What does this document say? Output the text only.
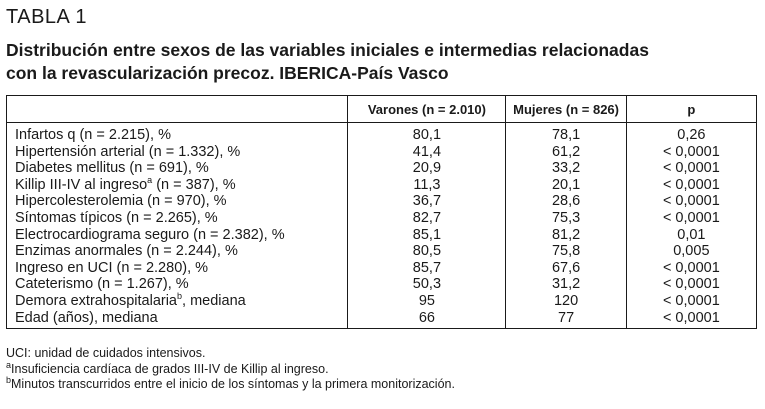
TABLA 1
Distribución entre sexos de las variables iniciales e intermedias relacionadas
con la revascularización precoz. IBERICA-País Vasco
	Varones (n = 2.010)	Mujeres (n = 826)	p
Infartos q (n = 2.215), %	80,1	78,1	0,26
Hipertensión arterial (n = 1.332), %	41,4	61,2	< 0,0001
Diabetes mellitus (n = 691), %	20,9	33,2	< 0,0001
Killip III-IV al ingreso$^a$ (n = 387), %	11,3	20,1	< 0,0001
Hipercolesterolemia (n = 970), %	36,7	28,6	< 0,0001
Síntomas típicos (n = 2.265), %	82,7	75,3	< 0,0001
Electrocardiograma seguro (n = 2.382), %	85,1	81,2	0,01
Enzimas anormales (n = 2.244), %	80,5	75,8	0,005
Ingreso en UCI (n = 2.280), %	85,7	67,6	< 0,0001
Cateterismo (n = 1.267), %	50,3	31,2	< 0,0001
Demora extrahospitalaria$^b$, mediana	95	120	< 0,0001
Edad (años), mediana	66	77	< 0,0001
UCI: unidad de cuidados intensivos.
$^a$Insuficiencia cardíaca de grados III-IV de Killip al ingreso.
$^b$Minutos transcurridos entre el inicio de los síntomas y la primera monitorización.
